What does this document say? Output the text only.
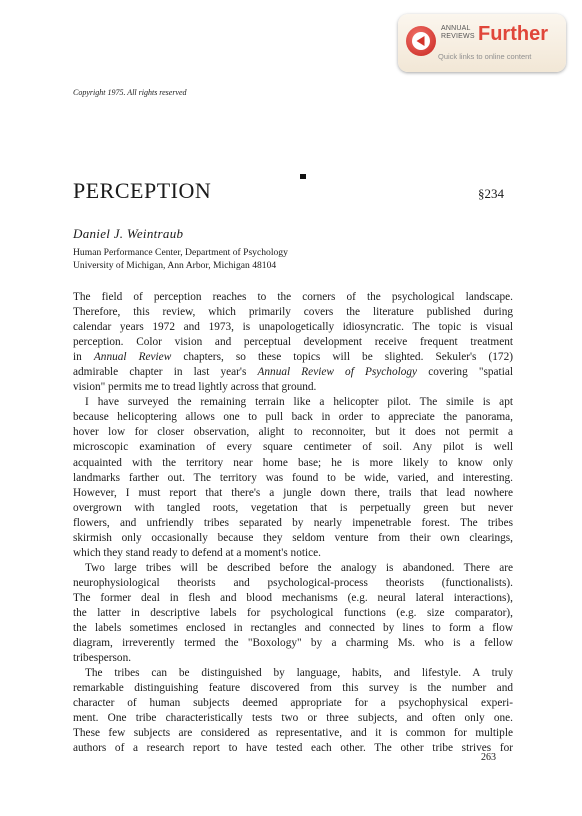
ANNUAL
REVIEWS Further
Quick links to online content
Copyright 1975. All rights reserved
PERCEPTION	§234
Daniel J. Weintraub
Human Performance Center, Department of Psychology
University of Michigan, Ann Arbor, Michigan 48104
The field of perception reaches to the corners of the psychological landscape.
Therefore, this review, which primarily covers the literature published during
calendar years 1972 and 1973, is unapologetically idiosyncratic. The topic is visual
perception. Color vision and perceptual development receive frequent treatment
in Annual Review chapters, so these topics will be slighted. Sekuler's (172)
admirable chapter in last year's Annual Review of Psychology covering "spatial
vision" permits me to tread lightly across that ground.
I have surveyed the remaining terrain like a helicopter pilot. The simile is apt
because helicoptering allows one to pull back in order to appreciate the panorama,
hover low for closer observation, alight to reconnoiter, but it does not permit a
microscopic examination of every square centimeter of soil. Any pilot is well
acquainted with the territory near home base; he is more likely to know only
landmarks farther out. The territory was found to be wide, varied, and interesting.
However, I must report that there's a jungle down there, trails that lead nowhere
overgrown with tangled roots, vegetation that is perpetually green but never
flowers, and unfriendly tribes separated by nearly impenetrable forest. The tribes
skirmish only occasionally because they seldom venture from their own clearings,
which they stand ready to defend at a moment's notice.
Two large tribes will be described before the analogy is abandoned. There are
neurophysiological theorists and psychological-process theorists (functionalists).
The former deal in flesh and blood mechanisms (e.g. neural lateral interactions),
the latter in descriptive labels for psychological functions (e.g. size comparator),
the labels sometimes enclosed in rectangles and connected by lines to form a flow
diagram, irreverently termed the "Boxology" by a charming Ms. who is a fellow
tribesperson.
The tribes can be distinguished by language, habits, and lifestyle. A truly
remarkable distinguishing feature discovered from this survey is the number and
character of human subjects deemed appropriate for a psychophysical experi-
ment. One tribe characteristically tests two or three subjects, and often only one.
These few subjects are considered as representative, and it is common for multiple
authors of a research report to have tested each other. The other tribe strives for
263
